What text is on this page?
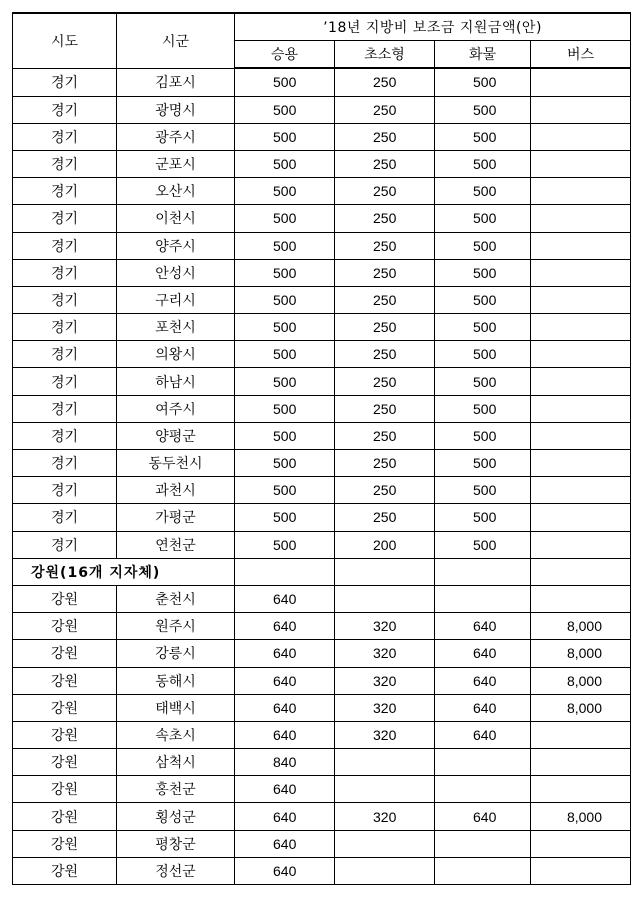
시도	시군	’18년 지방비 보조금 지원금액(안)			
		승용	초소형	화물	버스
경기	김포시	500	250	500	
경기	광명시	500	250	500	
경기	광주시	500	250	500	
경기	군포시	500	250	500	
경기	오산시	500	250	500	
경기	이천시	500	250	500	
경기	양주시	500	250	500	
경기	안성시	500	250	500	
경기	구리시	500	250	500	
경기	포천시	500	250	500	
경기	의왕시	500	250	500	
경기	하남시	500	250	500	
경기	여주시	500	250	500	
경기	양평군	500	250	500	
경기	동두천시	500	250	500	
경기	과천시	500	250	500	
경기	가평군	500	250	500	
경기	연천군	500	200	500	
강원(16개 지자체)					
강원	춘천시	640			
강원	원주시	640	320	640	8,000
강원	강릉시	640	320	640	8,000
강원	동해시	640	320	640	8,000
강원	태백시	640	320	640	8,000
강원	속초시	640	320	640	
강원	삼척시	840			
강원	홍천군	640			
강원	횡성군	640	320	640	8,000
강원	평창군	640			
강원	정선군	640			
